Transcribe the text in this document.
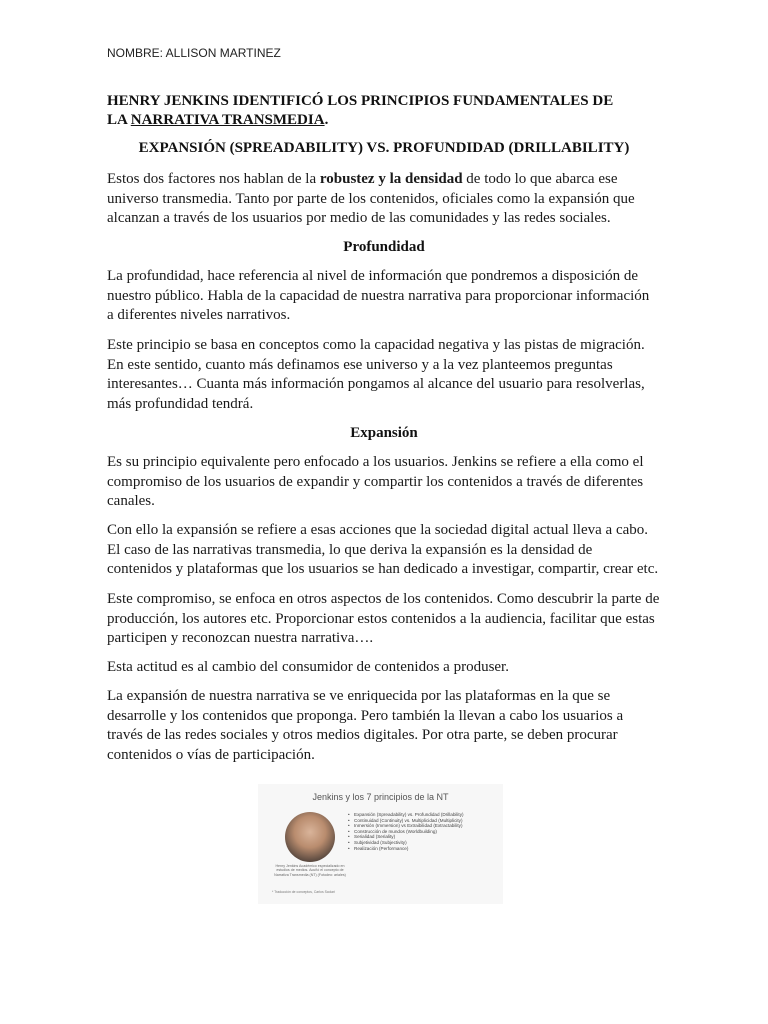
NOMBRE: ALLISON MARTINEZ
HENRY JENKINS IDENTIFICÓ LOS PRINCIPIOS FUNDAMENTALES DE
LA NARRATIVA TRANSMEDIA.
EXPANSIÓN (SPREADABILITY) VS. PROFUNDIDAD (DRILLABILITY)

Estos dos factores nos hablan de la robustez y la densidad de todo lo que abarca ese
universo transmedia. Tanto por parte de los contenidos, oficiales como la expansión que
alcanzan a través de los usuarios por medio de las comunidades y las redes sociales.

Profundidad

La profundidad, hace referencia al nivel de información que pondremos a disposición de
nuestro público. Habla de la capacidad de nuestra narrativa para proporcionar información
a diferentes niveles narrativos.

Este principio se basa en conceptos como la capacidad negativa y las pistas de migración.
En este sentido, cuanto más definamos ese universo y a la vez planteemos preguntas
interesantes… Cuanta más información pongamos al alcance del usuario para resolverlas,
más profundidad tendrá.

Expansión

Es su principio equivalente pero enfocado a los usuarios. Jenkins se refiere a ella como el
compromiso de los usuarios de expandir y compartir los contenidos a través de diferentes
canales.

Con ello la expansión se refiere a esas acciones que la sociedad digital actual lleva a cabo.
El caso de las narrativas transmedia, lo que deriva la expansión es la densidad de
contenidos y plataformas que los usuarios se han dedicado a investigar, compartir, crear etc.

Este compromiso, se enfoca en otros aspectos de los contenidos. Como descubrir la parte de
producción, los autores etc. Proporcionar estos contenidos a la audiencia, facilitar que estas
participen y reconozcan nuestra narrativa….

Esta actitud es al cambio del consumidor de contenidos a produser.

La expansión de nuestra narrativa se ve enriquecida por las plataformas en la que se
desarrolle y los contenidos que proponga. Pero también la llevan a cabo los usuarios a
través de las redes sociales y otros medios digitales. Por otra parte, se deben procurar
contenidos o vías de participación.

Jenkins y los 7 principios de la NT
Henry Jenkins Académico especializado en estudios de medios. Acuñó el concepto de Narrativa Transmedia (NT) (Fotodeo: ariales)
• Expansión (Spreadability) vs. Profundidad (Drillability)
• Continuidad (Continuity) vs. Multiplicidad (Multiplicity)
• Inmersión (Immersion) vs Extraibilidad (Extractability)
• Construcción de mundos (Worldbuilding)
• Serialidad (Seriality)
• Subjetividad (Subjectivity)
• Realización (Performance)
* Traducción de conceptos, Carlos Scolari
